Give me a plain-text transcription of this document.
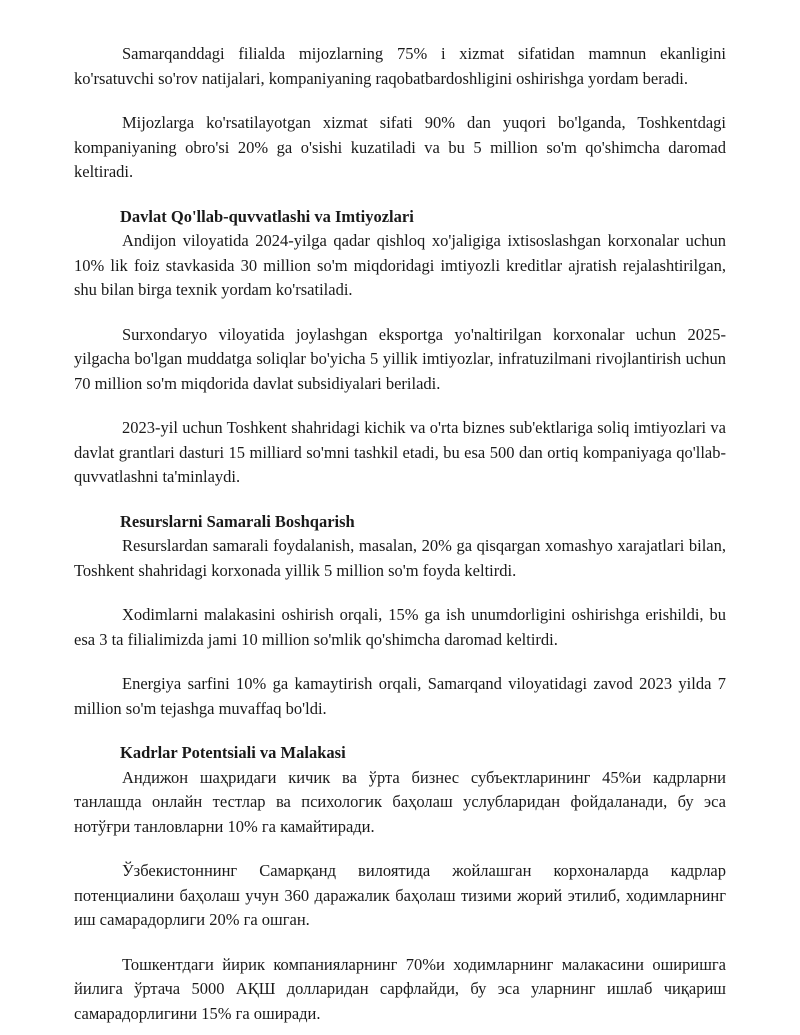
Samarqanddagi filialda mijozlarning 75% i xizmat sifatidan mamnun ekanligini ko'rsatuvchi so'rov natijalari, kompaniyaning raqobatbardoshligini oshirishga yordam beradi.

Mijozlarga ko'rsatilayotgan xizmat sifati 90% dan yuqori bo'lganda, Toshkentdagi kompaniyaning obro'si 20% ga o'sishi kuzatiladi va bu 5 million so'm qo'shimcha daromad keltiradi.

Davlat Qo'llab-quvvatlashi va Imtiyozlari

Andijon viloyatida 2024-yilga qadar qishloq xo'jaligiga ixtisoslashgan korxonalar uchun 10% lik foiz stavkasida 30 million so'm miqdoridagi imtiyozli kreditlar ajratish rejalashtirilgan, shu bilan birga texnik yordam ko'rsatiladi.

Surxondaryo viloyatida joylashgan eksportga yo'naltirilgan korxonalar uchun 2025-yilgacha bo'lgan muddatga soliqlar bo'yicha 5 yillik imtiyozlar, infratuzilmani rivojlantirish uchun 70 million so'm miqdorida davlat subsidiyalari beriladi.

2023-yil uchun Toshkent shahridagi kichik va o'rta biznes sub'ektlariga soliq imtiyozlari va davlat grantlari dasturi 15 milliard so'mni tashkil etadi, bu esa 500 dan ortiq kompaniyaga qo'llab-quvvatlashni ta'minlaydi.

Resurslarni Samarali Boshqarish

Resurslardan samarali foydalanish, masalan, 20% ga qisqargan xomashyo xarajatlari bilan, Toshkent shahridagi korxonada yillik 5 million so'm foyda keltirdi.

Xodimlarni malakasini oshirish orqali, 15% ga ish unumdorligini oshirishga erishildi, bu esa 3 ta filialimizda jami 10 million so'mlik qo'shimcha daromad keltirdi.

Energiya sarfini 10% ga kamaytirish orqali, Samarqand viloyatidagi zavod 2023 yilda 7 million so'm tejashga muvaffaq bo'ldi.

Kadrlar Potentsiali va Malakasi

Андижон шаҳридаги кичик ва ўрта бизнес субъектларининг 45%и кадрларни танлашда онлайн тестлар ва психологик баҳолаш услубларидан фойдаланади, бу эса нотўғри танловларни 10% га камайтиради.

Ўзбекистоннинг Самарқанд вилоятида жойлашган корхоналарда кадрлар потенциалини баҳолаш учун 360 даражалик баҳолаш тизими жорий этилиб, ходимларнинг иш самарадорлиги 20% га ошган.

Тошкентдаги йирик компанияларнинг 70%и ходимларнинг малакасини оширишга йилига ўртача 5000 АҚШ долларидан сарфлайди, бу эса уларнинг ишлаб чиқариш самарадорлигини 15% га оширади.
